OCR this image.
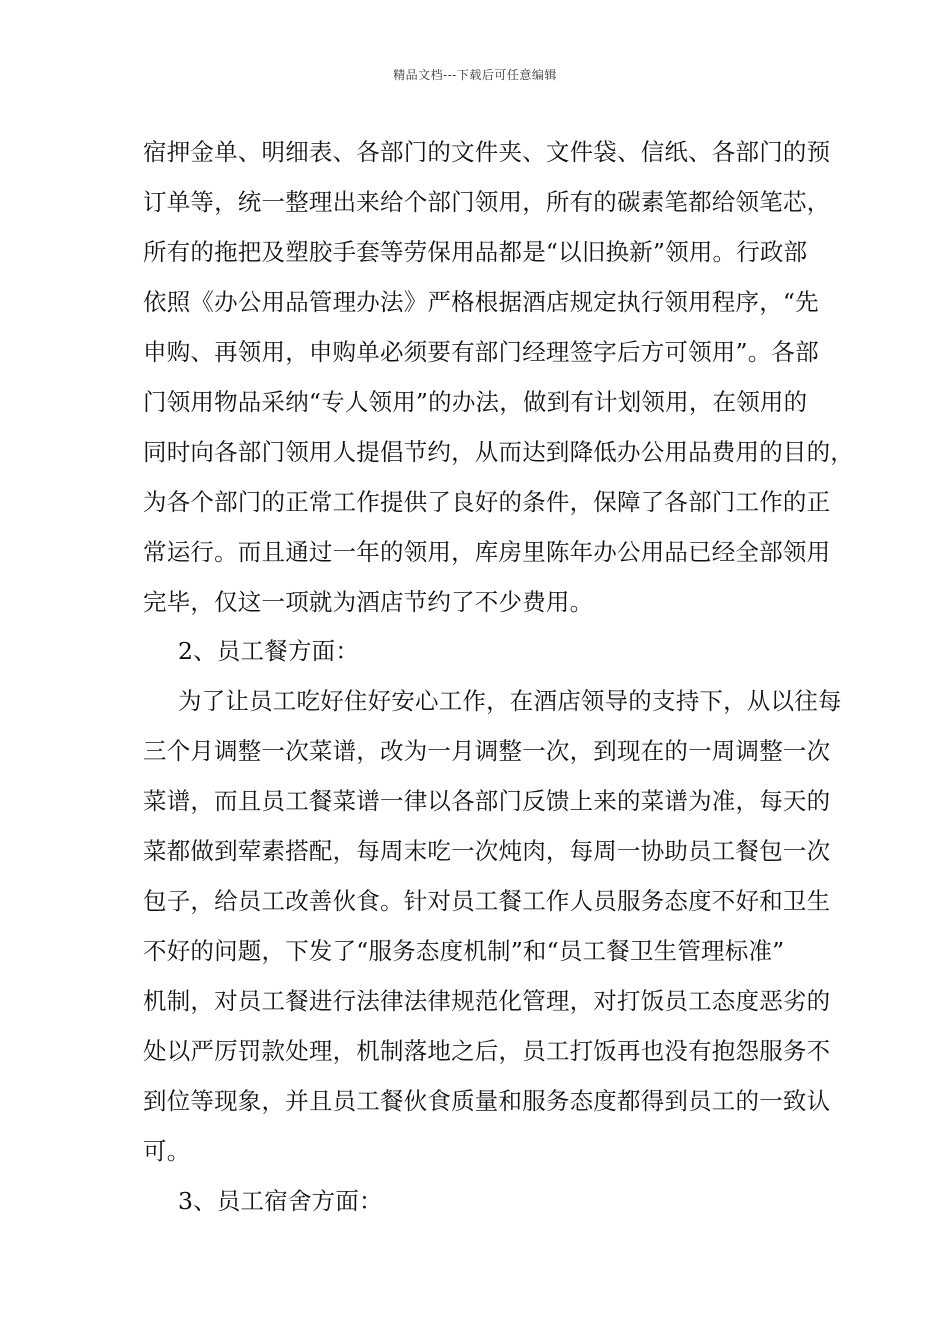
精品文档---下载后可任意编辑
宿押金单、明细表、各部门的文件夹、文件袋、信纸、各部门的预
订单等，统一整理出来给个部门领用，所有的碳素笔都给领笔芯，
所有的拖把及塑胶手套等劳保用品都是“以旧换新”领用。行政部
依照《办公用品管理办法》严格根据酒店规定执行领用程序，“先
申购、再领用，申购单必须要有部门经理签字后方可领用”。各部
门领用物品采纳“专人领用”的办法，做到有计划领用，在领用的
同时向各部门领用人提倡节约，从而达到降低办公用品费用的目的，
为各个部门的正常工作提供了良好的条件，保障了各部门工作的正
常运行。而且通过一年的领用，库房里陈年办公用品已经全部领用
完毕，仅这一项就为酒店节约了不少费用。
2、员工餐方面：
为了让员工吃好住好安心工作，在酒店领导的支持下，从以往每
三个月调整一次菜谱，改为一月调整一次，到现在的一周调整一次
菜谱，而且员工餐菜谱一律以各部门反馈上来的菜谱为准，每天的
菜都做到荤素搭配，每周末吃一次炖肉，每周一协助员工餐包一次
包子，给员工改善伙食。针对员工餐工作人员服务态度不好和卫生
不好的问题，下发了“服务态度机制”和“员工餐卫生管理标准”
机制，对员工餐进行法律法律规范化管理，对打饭员工态度恶劣的
处以严厉罚款处理，机制落地之后，员工打饭再也没有抱怨服务不
到位等现象，并且员工餐伙食质量和服务态度都得到员工的一致认
可。
3、员工宿舍方面：
